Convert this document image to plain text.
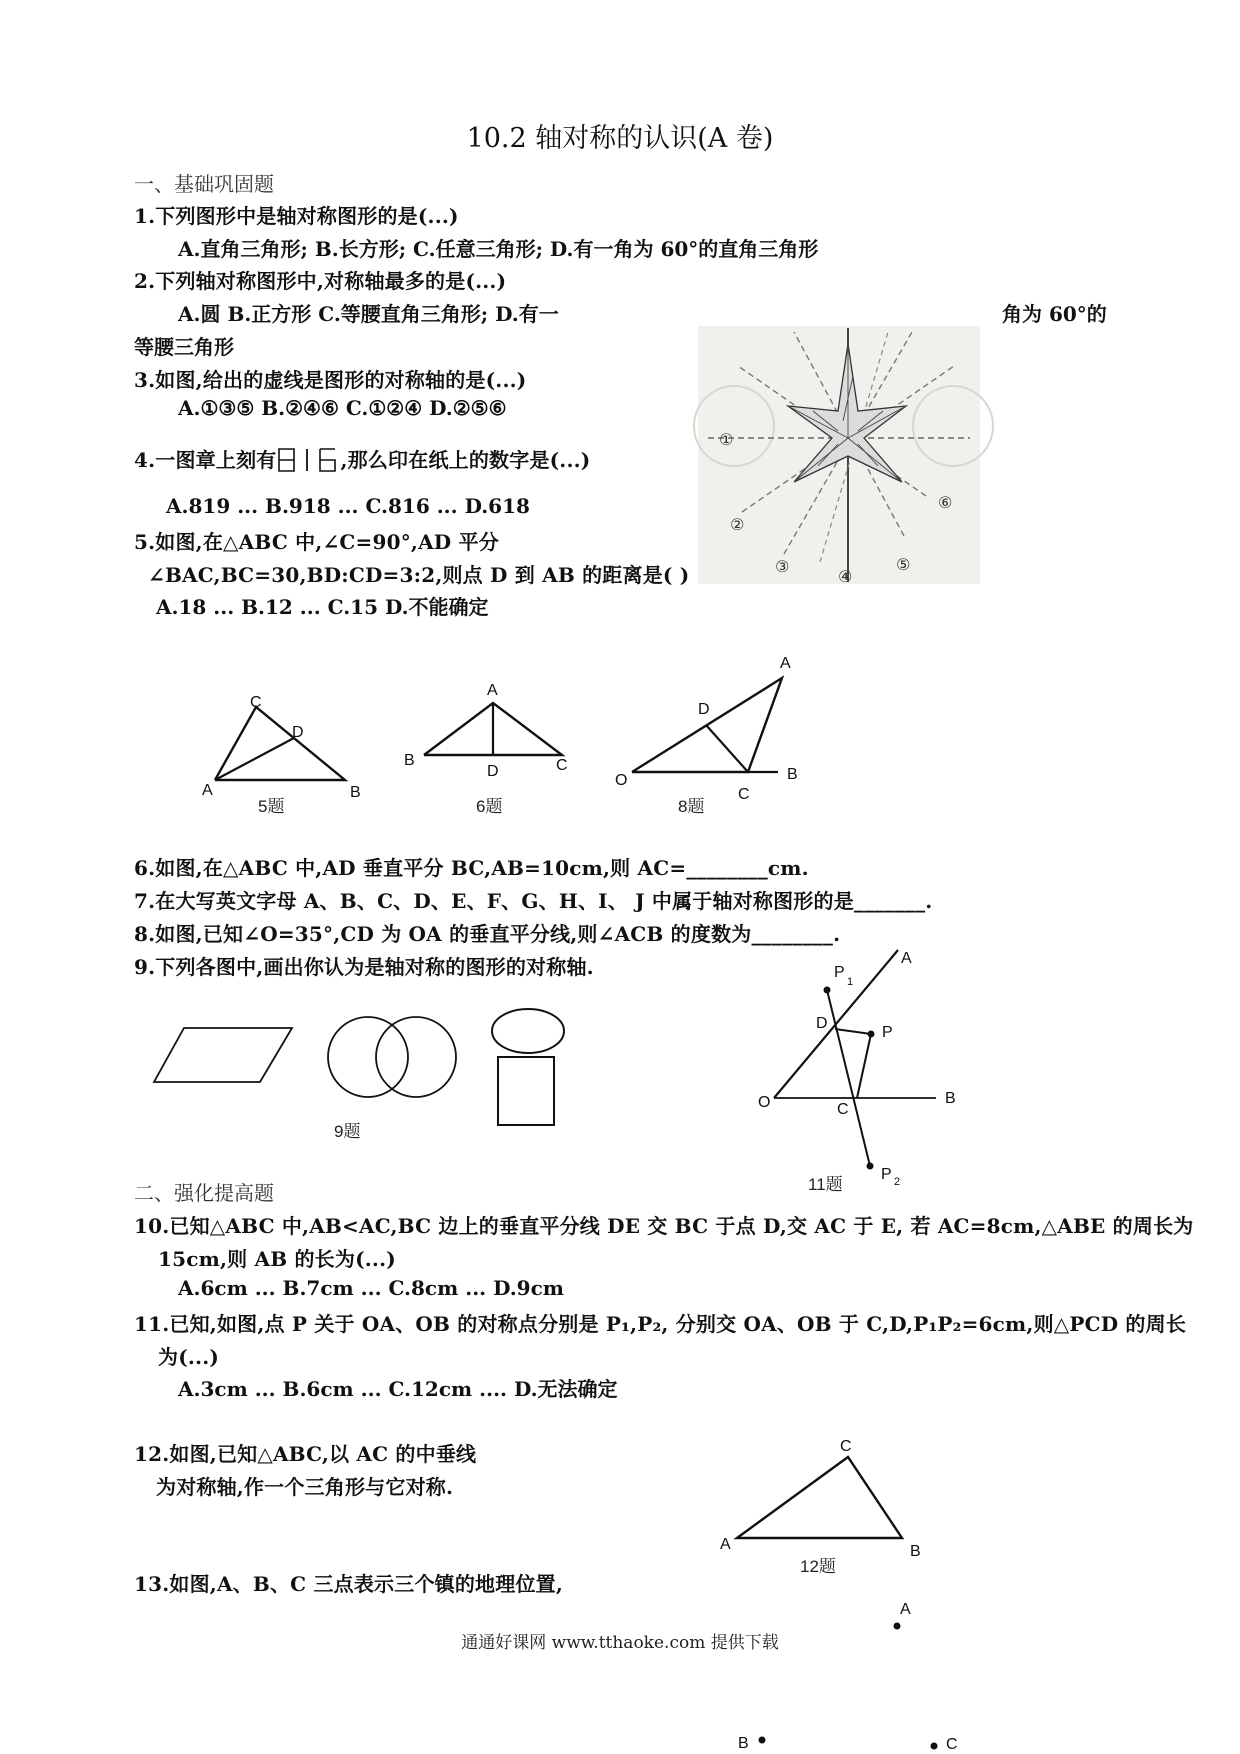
10.2 轴对称的认识(A 卷)
一、基础巩固题
1.下列图形中是轴对称图形的是(...)
A.直角三角形; B.长方形; C.任意三角形; D.有一角为 60°的直角三角形
2.下列轴对称图形中,对称轴最多的是(...)
A.圆 B.正方形 C.等腰直角三角形; D.有一	角为 60°的
等腰三角形
3.如图,给出的虚线是图形的对称轴的是(...)
A.①③⑤ B.②④⑥ C.①②④ D.②⑤⑥
4.一图章上刻有	,那么印在纸上的数字是(...)
A.819 ... B.918 ... C.816 ... D.618
5.如图,在△ABC 中,∠C=90°,AD 平分
∠BAC,BC=30,BD:CD=3:2,则点 D 到 AB 的距离是( )
A.18 ... B.12 ... C.15 D.不能确定
①
②
③
④
⑤
⑥
C
D
A	B
5题
A
B
D	C
6题
A
D
O	B
C
8题
6.如图,在△ABC 中,AD 垂直平分 BC,AB=10cm,则 AC=________cm.
7.在大写英文字母 A、B、C、D、E、F、G、H、I、 J 中属于轴对称图形的是_______.
8.如图,已知∠O=35°,CD 为 OA 的垂直平分线,则∠ACB 的度数为________.
9.下列各图中,画出你认为是轴对称的图形的对称轴.
9题
P
1
A
D
P
O	C
B
P 2
11题
二、强化提高题
10.已知△ABC 中,AB<AC,BC 边上的垂直平分线 DE 交 BC 于点 D,交 AC 于 E, 若 AC=8cm,△ABE 的周长为
15cm,则 AB 的长为(...)
A.6cm ... B.7cm ... C.8cm ... D.9cm
11.已知,如图,点 P 关于 OA、OB 的对称点分别是 P₁,P₂, 分别交 OA、OB 于 C,D,P₁P₂=6cm,则△PCD 的周长
为(...)
A.3cm ... B.6cm ... C.12cm .... D.无法确定
12.如图,已知△ABC,以 AC 的中垂线
为对称轴,作一个三角形与它对称.
C
A	B
12题
13.如图,A、B、C 三点表示三个镇的地理位置,
A
B	C
通通好课网 www.tthaoke.com 提供下载
